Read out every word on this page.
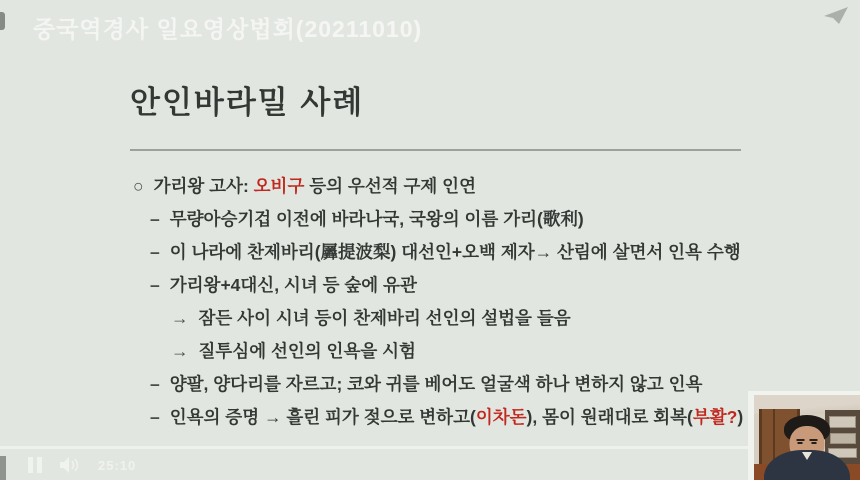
중국역경사 일요영상법회(20211010)
안인바라밀 사례
○ 가리왕 고사: 오비구 등의 우선적 구제 인연
– 무량아승기겁 이전에 바라나국, 국왕의 이름 가리(歌利)
– 이 나라에 찬제바리(羼提波梨) 대선인+오백 제자→ 산림에 살면서 인욕 수행
– 가리왕+4대신, 시녀 등 숲에 유관
→ 잠든 사이 시녀 등이 찬제바리 선인의 설법을 들음
→ 질투심에 선인의 인욕을 시험
– 양팔, 양다리를 자르고; 코와 귀를 베어도 얼굴색 하나 변하지 않고 인욕
– 인욕의 증명 → 흘린 피가 젖으로 변하고(이차돈), 몸이 원래대로 회복(부활?)
25:10
